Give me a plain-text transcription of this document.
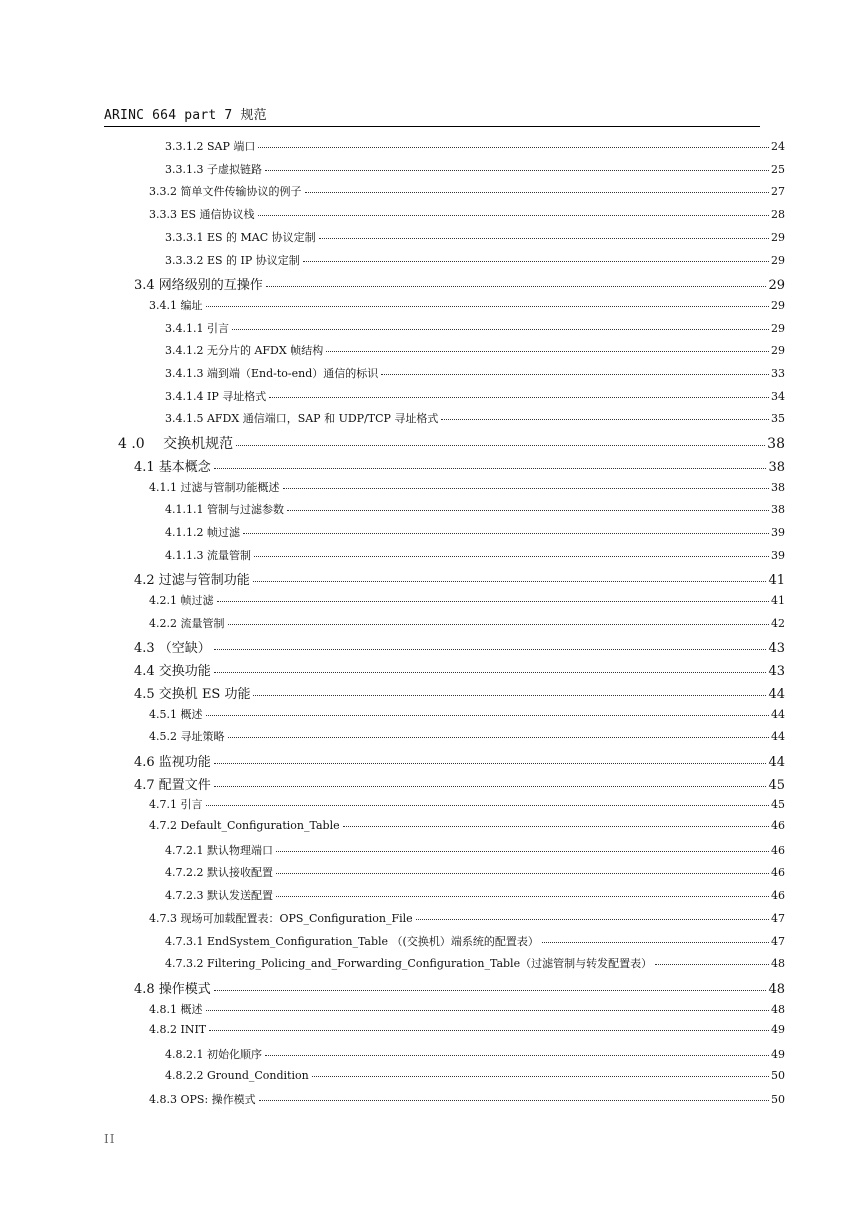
ARINC 664 part 7 规范
3.3.1.2 SAP 端口	24
3.3.1.3 子虚拟链路	25
3.3.2 简单文件传输协议的例子	27
3.3.3 ES 通信协议栈	28
3.3.3.1 ES 的 MAC 协议定制	29
3.3.3.2 ES 的 IP 协议定制	29
3.4 网络级别的互操作	29
3.4.1 编址	29
3.4.1.1 引言	29
3.4.1.2 无分片的 AFDX 帧结构	29
3.4.1.3 端到端（End-to-end）通信的标识	33
3.4.1.4 IP 寻址格式	34
3.4.1.5 AFDX 通信端口，SAP 和 UDP/TCP 寻址格式	35
4 .0　 交换机规范	38
4.1 基本概念	38
4.1.1 过滤与管制功能概述	38
4.1.1.1 管制与过滤参数	38
4.1.1.2 帧过滤	39
4.1.1.3 流量管制	39
4.2 过滤与管制功能	41
4.2.1 帧过滤	41
4.2.2 流量管制	42
4.3 （空缺）	43
4.4 交换功能	43
4.5 交换机 ES 功能	44
4.5.1 概述	44
4.5.2 寻址策略	44
4.6 监视功能	44
4.7 配置文件	45
4.7.1 引言	45
4.7.2 Default_Configuration_Table	46
4.7.2.1 默认物理端口	46
4.7.2.2 默认接收配置	46
4.7.2.3 默认发送配置	46
4.7.3 现场可加载配置表：OPS_Configuration_File	47
4.7.3.1 EndSystem_Configuration_Table （(交换机）端系统的配置表）	47
4.7.3.2 Filtering_Policing_and_Forwarding_Configuration_Table（过滤管制与转发配置表）	48
4.8 操作模式	48
4.8.1 概述	48
4.8.2 INIT	49
4.8.2.1 初始化顺序	49
4.8.2.2 Ground_Condition	50
4.8.3 OPS: 操作模式	50
II
